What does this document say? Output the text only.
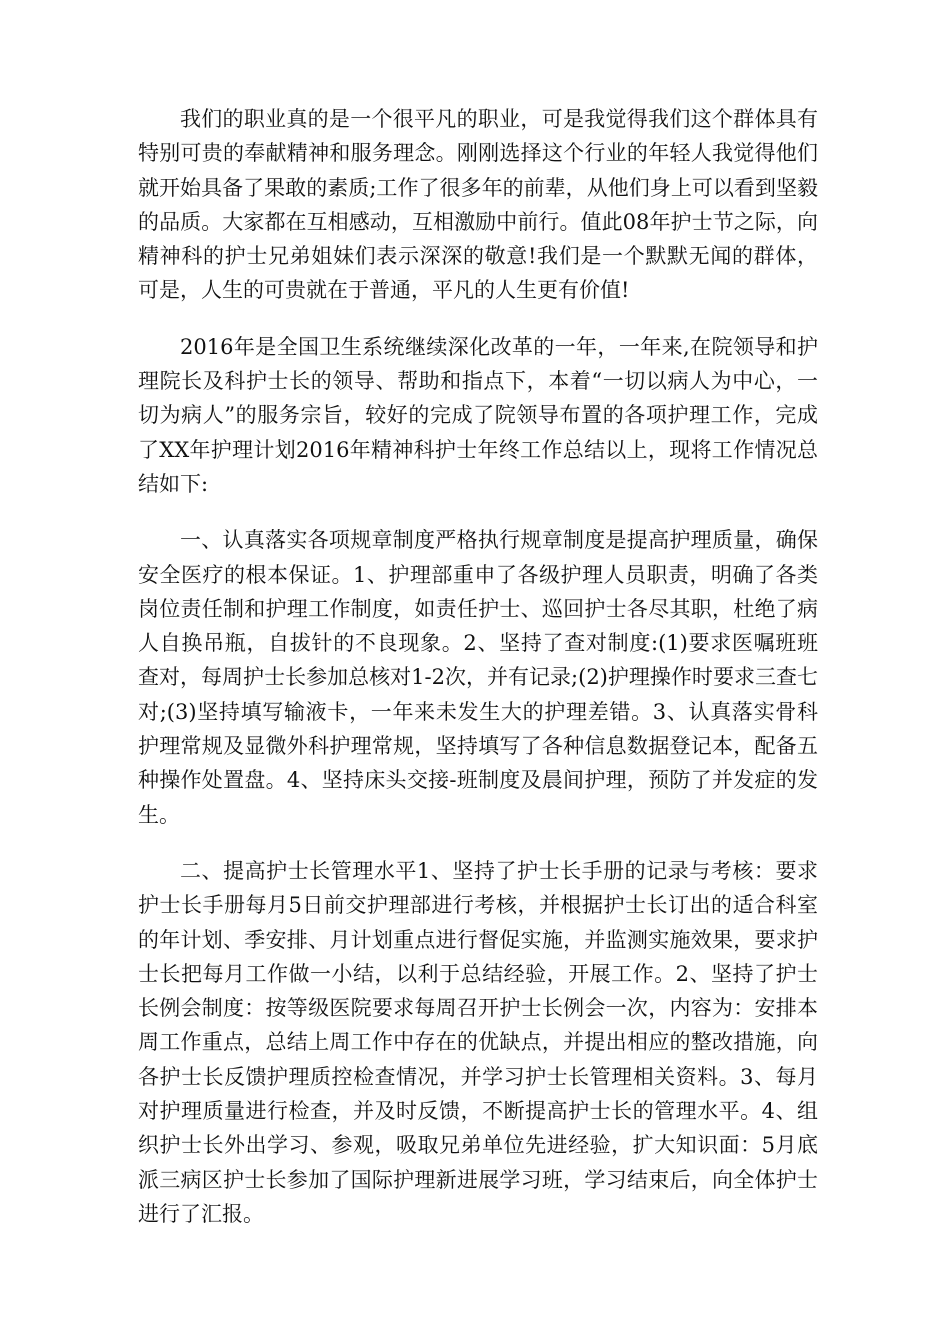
我们的职业真的是一个很平凡的职业，可是我觉得我们这个群体具有特别可贵的奉献精神和服务理念。刚刚选择这个行业的年轻人我觉得他们就开始具备了果敢的素质;工作了很多年的前辈，从他们身上可以看到坚毅的品质。大家都在互相感动，互相激励中前行。值此08年护士节之际，向精神科的护士兄弟姐妹们表示深深的敬意!我们是一个默默无闻的群体，可是，人生的可贵就在于普通，平凡的人生更有价值!

2016年是全国卫生系统继续深化改革的一年，一年来,在院领导和护理院长及科护士长的领导、帮助和指点下，本着“一切以病人为中心，一切为病人”的服务宗旨，较好的完成了院领导布置的各项护理工作，完成了XX年护理计划2016年精神科护士年终工作总结以上，现将工作情况总结如下:

一、认真落实各项规章制度严格执行规章制度是提高护理质量，确保安全医疗的根本保证。1、护理部重申了各级护理人员职责，明确了各类岗位责任制和护理工作制度，如责任护士、巡回护士各尽其职，杜绝了病人自换吊瓶，自拔针的不良现象。2、坚持了查对制度:(1)要求医嘱班班查对，每周护士长参加总核对1-2次，并有记录;(2)护理操作时要求三查七对;(3)坚持填写输液卡，一年来未发生大的护理差错。3、认真落实骨科护理常规及显微外科护理常规，坚持填写了各种信息数据登记本，配备五种操作处置盘。4、坚持床头交接-班制度及晨间护理，预防了并发症的发生。

二、提高护士长管理水平1、坚持了护士长手册的记录与考核：要求护士长手册每月5日前交护理部进行考核，并根据护士长订出的适合科室的年计划、季安排、月计划重点进行督促实施，并监测实施效果，要求护士长把每月工作做一小结，以利于总结经验，开展工作。2、坚持了护士长例会制度：按等级医院要求每周召开护士长例会一次，内容为：安排本周工作重点，总结上周工作中存在的优缺点，并提出相应的整改措施，向各护士长反馈护理质控检查情况，并学习护士长管理相关资料。3、每月对护理质量进行检查，并及时反馈，不断提高护士长的管理水平。4、组织护士长外出学习、参观，吸取兄弟单位先进经验，扩大知识面：5月底派三病区护士长参加了国际护理新进展学习班，学习结束后，向全体护士进行了汇报。
